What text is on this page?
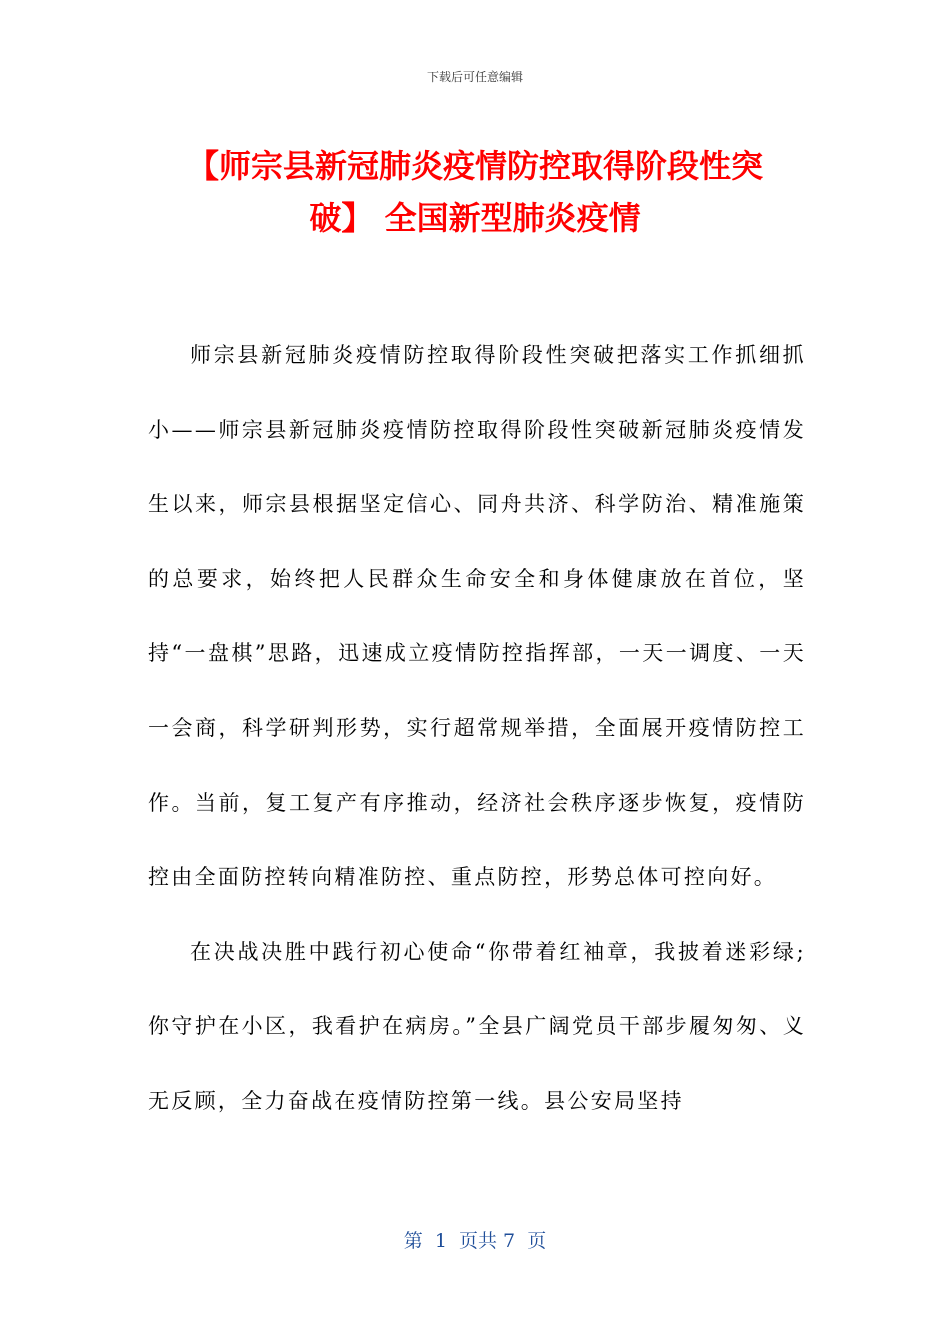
下载后可任意编辑
【师宗县新冠肺炎疫情防控取得阶段性突
破】 全国新型肺炎疫情

师宗县新冠肺炎疫情防控取得阶段性突破把落实工作抓细抓小——师宗县新冠肺炎疫情防控取得阶段性突破新冠肺炎疫情发生以来，师宗县根据坚定信心、同舟共济、科学防治、精准施策的总要求，始终把人民群众生命安全和身体健康放在首位，坚持“一盘棋”思路，迅速成立疫情防控指挥部，一天一调度、一天一会商，科学研判形势，实行超常规举措，全面展开疫情防控工作。当前，复工复产有序推动，经济社会秩序逐步恢复，疫情防控由全面防控转向精准防控、重点防控，形势总体可控向好。

在决战决胜中践行初心使命“你带着红袖章，我披着迷彩绿;你守护在小区，我看护在病房。”全县广阔党员干部步履匆匆、义无反顾，全力奋战在疫情防控第一线。县公安局坚持

第  1  页共 7  页
